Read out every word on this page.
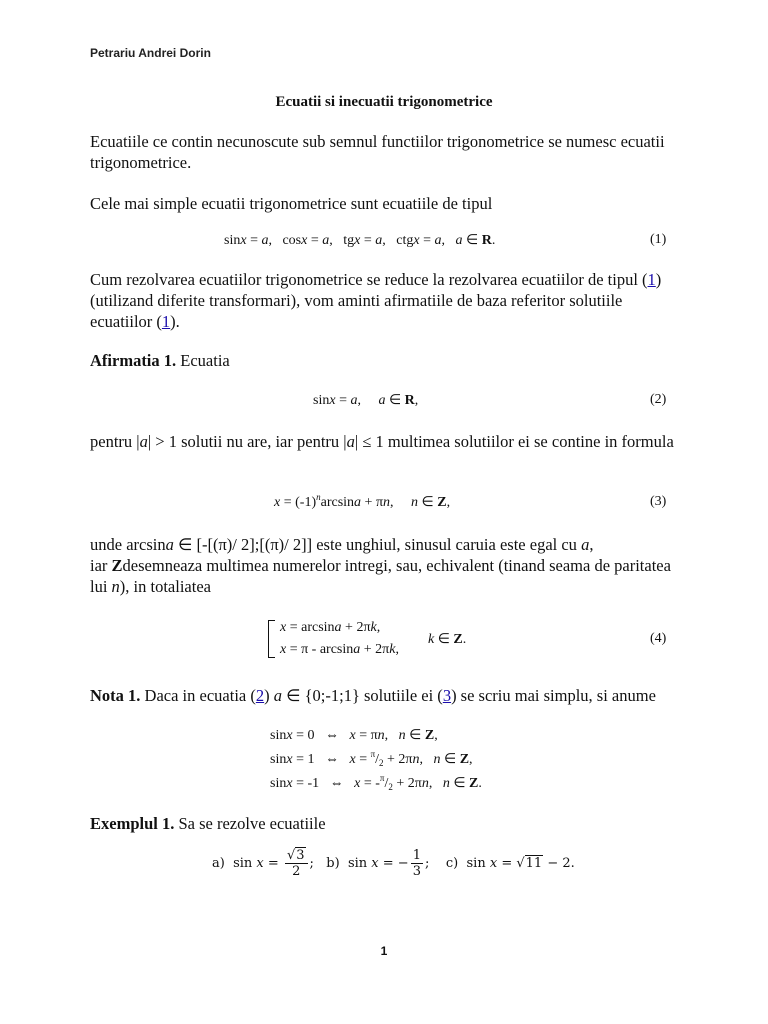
Petrariu Andrei Dorin
Ecuatii si inecuatii trigonometrice
Ecuatiile ce contin necunoscute sub semnul functiilor trigonometrice se numesc ecuatii trigonometrice.
Cele mai simple ecuatii trigonometrice sunt ecuatiile de tipul
sinx = a,   cosx = a,   tgx = a,   ctgx = a,   a ∈ R.	(1)
Cum rezolvarea ecuatiilor trigonometrice se reduce la rezolvarea ecuatiilor de tipul (1) (utilizand diferite transformari), vom aminti afirmatiile de baza referitor solutiile ecuatiilor (1).
Afirmatia 1. Ecuatia
sinx = a,     a ∈ R,	(2)
pentru |a| > 1 solutii nu are, iar pentru |a| ≤ 1 multimea solutiilor ei se contine in formula
$x = (-1)^n\arcsin a + \pi n$,     n ∈ Z,	(3)
unde arcsina ∈ [-[(π)/ 2];[(π)/ 2]] este unghiul, sinusul caruia este egal cu a,
iar Zdesemneaza multimea numerelor intregi, sau, echivalent (tinand seama de paritatea lui n), in totaliatea
x = arcsina + 2πk,
x = π - arcsina + 2πk,
k ∈ Z.	(4)
Nota 1. Daca in ecuatia (2) a ∈ {0;-1;1} solutiile ei (3) se scriu mai simplu, si anume
sinx = 0   ⇔   x = πn,   n ∈ Z,
sinx = 1   ⇔   $x = ^\pi/_2 + 2\pi n$,   n ∈ Z,
sinx = -1   ⇔   $x = -^\pi/_2 + 2\pi n$,   n ∈ Z.
Exemplul 1. Sa se rezolve ecuatiile
a)  $\sin x = \frac{√3}{2}$ ;   b)  sin x = − $\frac{1}{3}$ ;    c)  sin x = √11 − 2.
1
